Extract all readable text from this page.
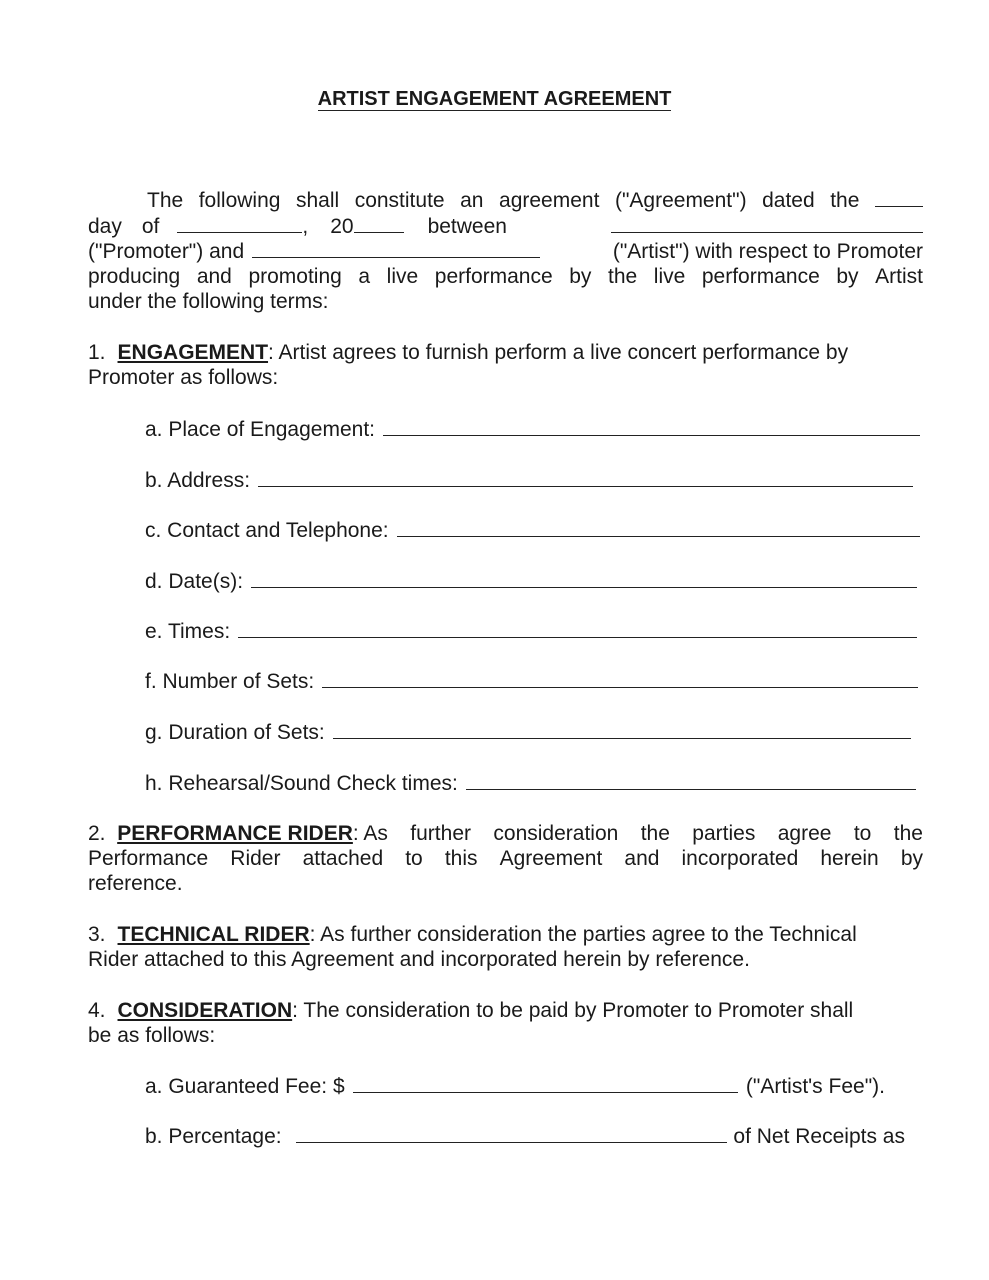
ARTIST ENGAGEMENT AGREEMENT
The following shall constitute an agreement ("Agreement") dated the
day of	, 20	between
("Promoter") and	("Artist") with respect to Promoter
producing and promoting a live performance by the live performance by Artist
under the following terms:
1. ENGAGEMENT : Artist agrees to furnish perform a live concert performance by
Promoter as follows:
a. Place of Engagement:
b. Address:
c. Contact and Telephone:
d. Date(s):
e. Times:
f. Number of Sets:
g. Duration of Sets:
h. Rehearsal/Sound Check times:
2. PERFORMANCE RIDER: As further consideration the parties agree to the
Performance Rider attached to this Agreement and incorporated herein by
reference.
3. TECHNICAL RIDER : As further consideration the parties agree to the Technical
Rider attached to this Agreement and incorporated herein by reference.
4. CONSIDERATION : The consideration to be paid by Promoter to Promoter shall
be as follows:
a. Guaranteed Fee: $	("Artist's Fee").
b. Percentage:	of Net Receipts as
